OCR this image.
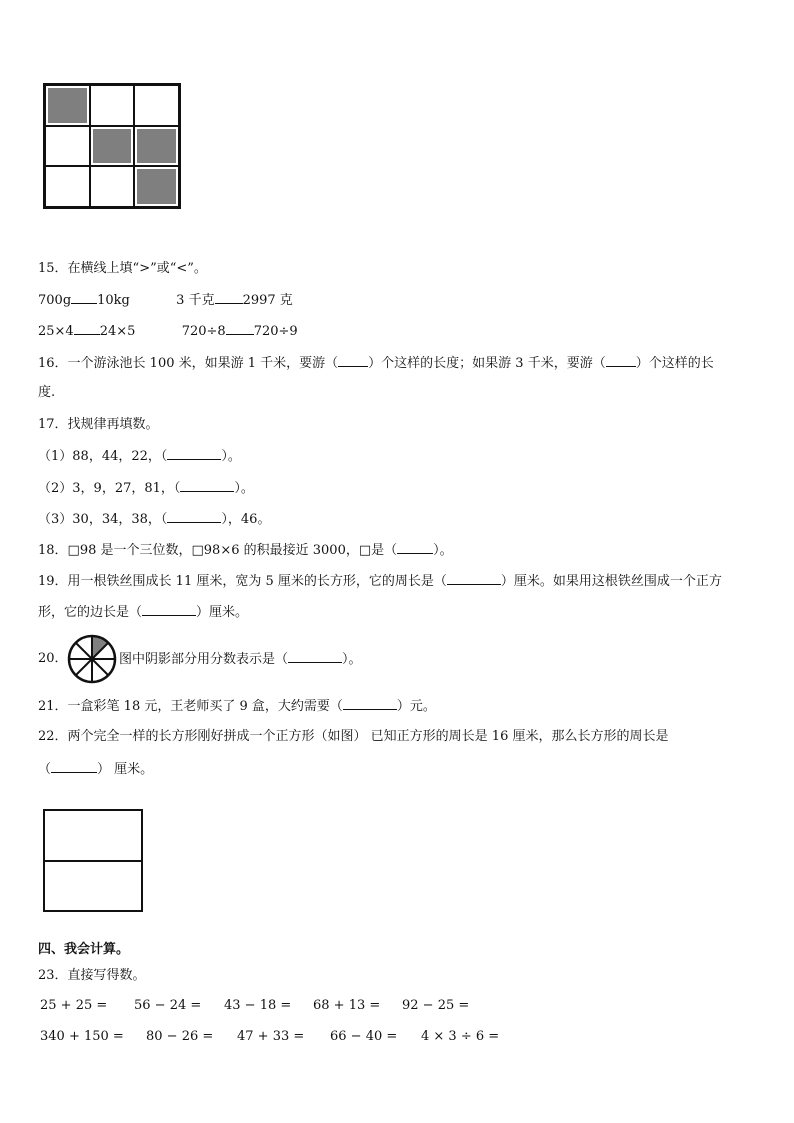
15．在横线上填“>”或“<”。
700g 10kg	3 千克 2997 克
25×4 24×5	720÷8 720÷9
16．一个游泳池长 100 米，如果游 1 千米，要游（ ）个这样的长度；如果游 3 千米，要游（ ）个这样的长
度.
17．找规律再填数。
（1）88，44，22，（	）。
（2）3，9，27，81，（	）。
（3）30，34，38，（	），46。
18．□98 是一个三位数，□98×6 的积最接近 3000，□是（	）。
19．用一根铁丝围成长 11 厘米，宽为 5 厘米的长方形，它的周长是（	）厘米。如果用这根铁丝围成一个正方
形，它的边长是（	）厘米。
20．	图中阴影部分用分数表示是（	）。
21．一盒彩笔 18 元，王老师买了 9 盒，大约需要（	）元。
22．两个完全一样的长方形刚好拼成一个正方形（如图） 已知正方形的周长是 16 厘米，那么长方形的周长是
（	） 厘米。
四、我会计算。
23．直接写得数。
25 + 25 = 56 − 24 = 43 − 18 = 68 + 13 = 92 − 25 =
340 + 150 = 80 − 26 = 47 + 33 = 66 − 40 = 4 × 3 ÷ 6 =
